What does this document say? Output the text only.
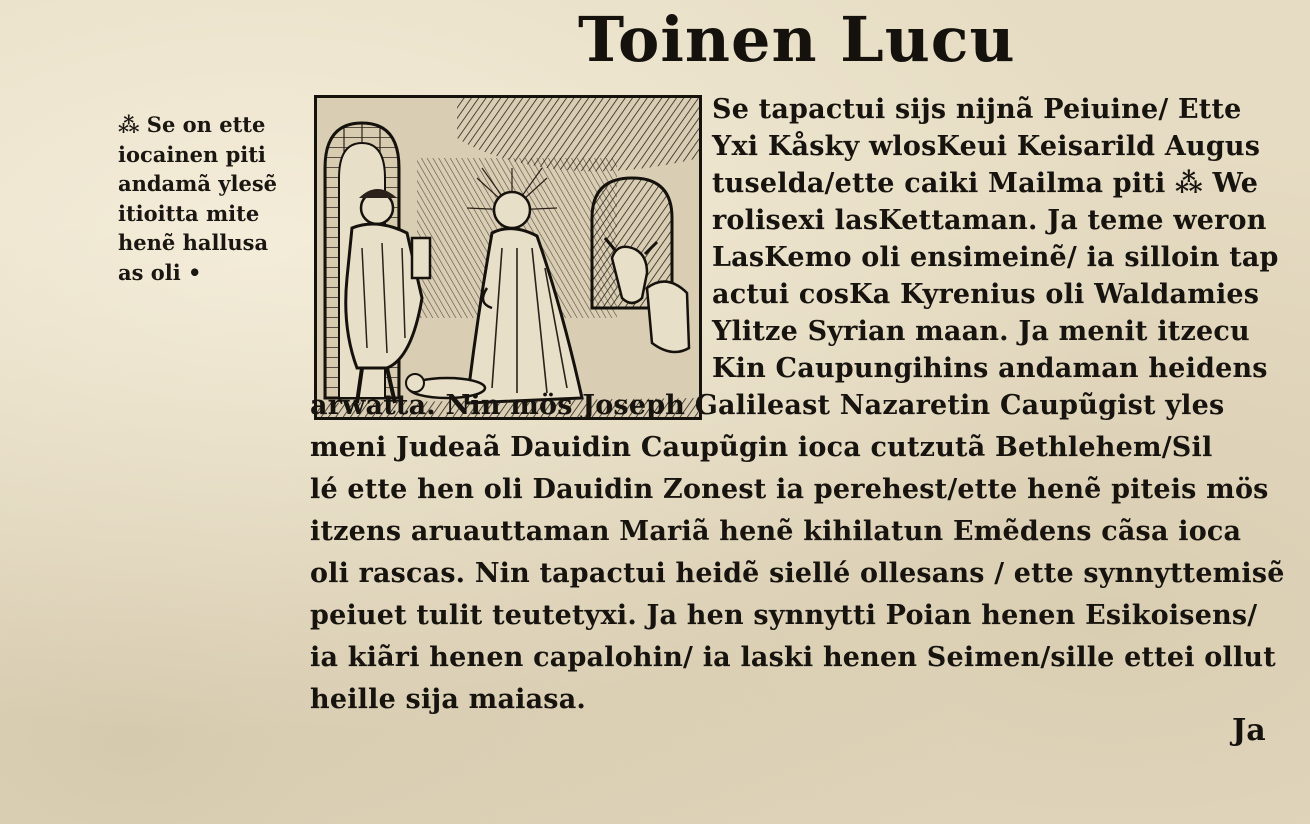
Toinen Lucu
⁂ Se on ette
iocainen piti
andamã ylesẽ
itioitta mite
henẽ hallusa
as oli •
Se tapactui sijs nijnã Peiuine/ Ette
Yxi Kåsky wlosKeui Keisarild Augus
tuselda/ette caiki Mailma piti ⁂ We
rolisexi lasKettaman. Ja teme weron
LasKemo oli ensimeinẽ/ ia silloin tap
actui cosKa Kyrenius oli Waldamies
Ylitze Syrian maan. Ja menit itzecu
Kin Caupungihins andaman heidens
arwatta. Nin mös Joseph Galileast Nazaretin Caupũgist yles
meni Judeaã Dauidin Caupũgin ioca cutzutã Bethlehem/Sil
lé ette hen oli Dauidin Zonest ia perehest/ette henẽ piteis mös
itzens aruauttaman Mariã henẽ kihilatun Emẽdens cãsa ioca
oli rascas. Nin tapactui heidẽ siellé ollesans / ette synnyttemisẽ
peiuet tulit teutetyxi. Ja hen synnytti Poian henen Esikoisens/
ia kiãri henen capalohin/ ia laski henen Seimen/sille ettei ollut
heille sija maiasa.
Ja
